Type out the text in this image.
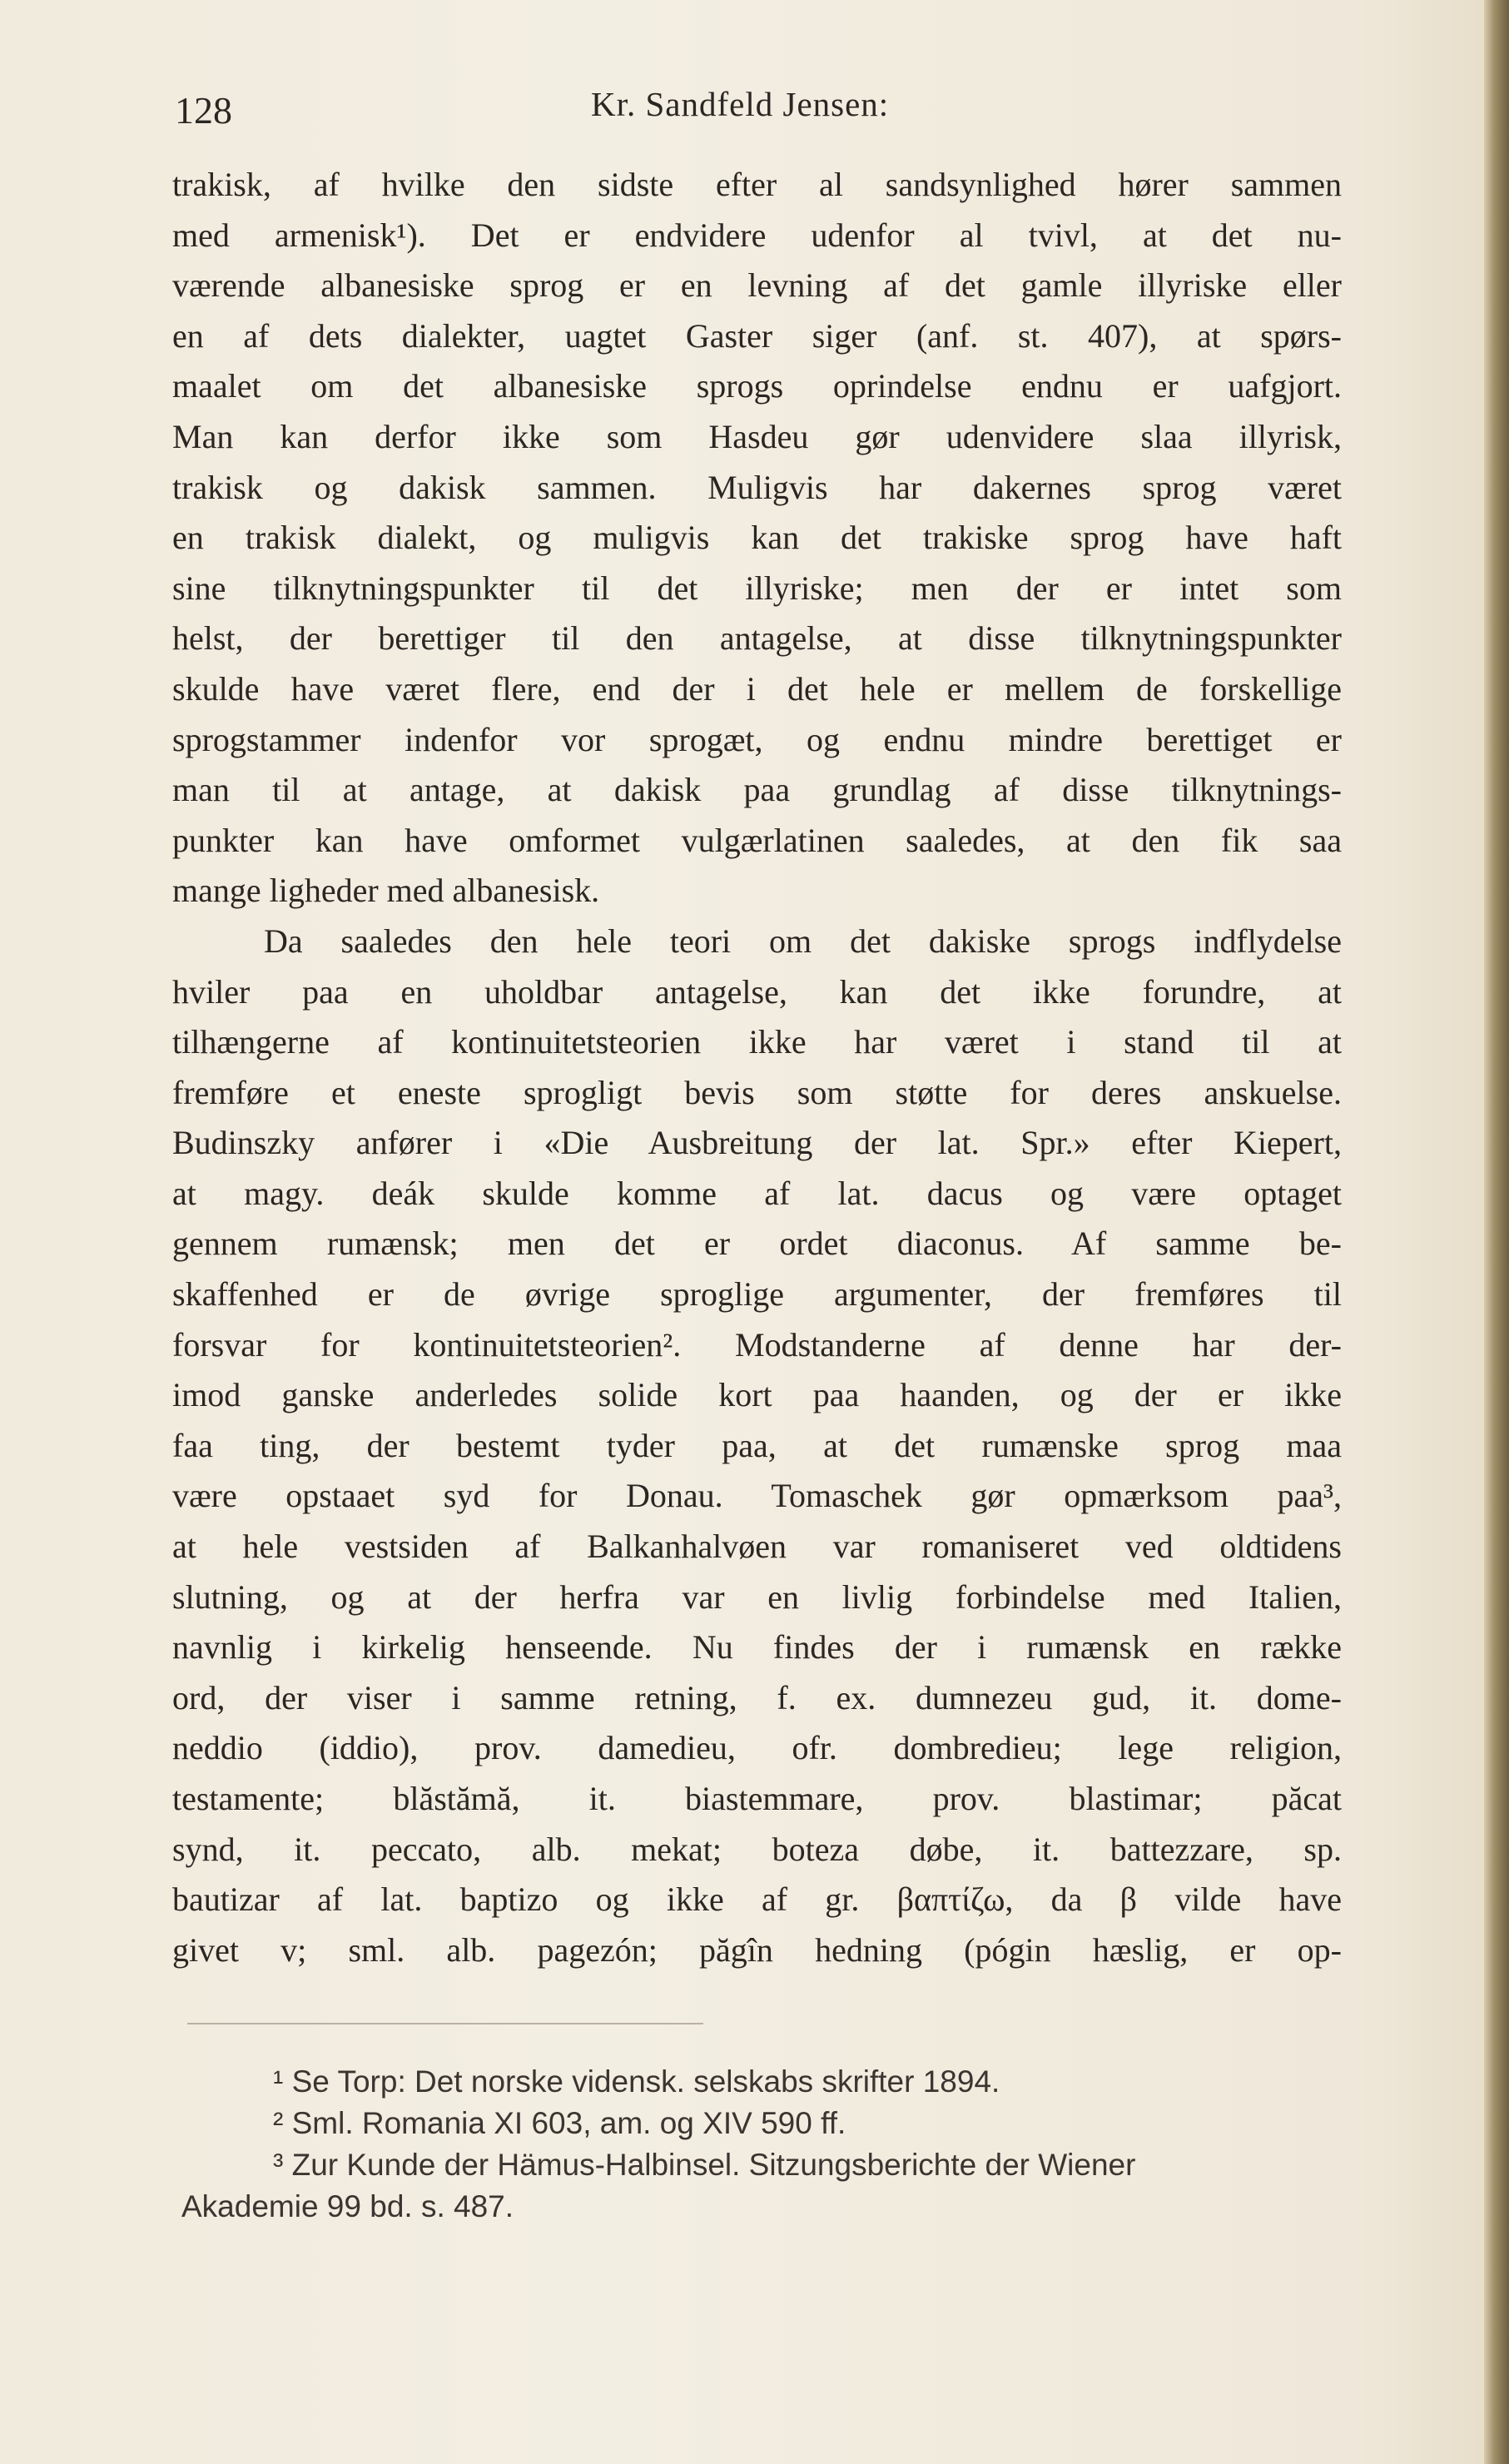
128	Kr. Sandfeld Jensen:
trakisk, af hvilke den sidste efter al sandsynlighed hører sammen
med armenisk¹). Det er endvidere udenfor al tvivl, at det nu-
værende albanesiske sprog er en levning af det gamle illyriske eller
en af dets dialekter, uagtet Gaster siger (anf. st. 407), at spørs-
maalet om det albanesiske sprogs oprindelse endnu er uafgjort.
Man kan derfor ikke som Hasdeu gør udenvidere slaa illyrisk,
trakisk og dakisk sammen. Muligvis har dakernes sprog været
en trakisk dialekt, og muligvis kan det trakiske sprog have haft
sine tilknytningspunkter til det illyriske; men der er intet som
helst, der berettiger til den antagelse, at disse tilknytningspunkter
skulde have været flere, end der i det hele er mellem de forskellige
sprogstammer indenfor vor sprogæt, og endnu mindre berettiget er
man til at antage, at dakisk paa grundlag af disse tilknytnings-
punkter kan have omformet vulgærlatinen saaledes, at den fik saa
mange ligheder med albanesisk.
Da saaledes den hele teori om det dakiske sprogs indflydelse
hviler paa en uholdbar antagelse, kan det ikke forundre, at
tilhængerne af kontinuitetsteorien ikke har været i stand til at
fremføre et eneste sprogligt bevis som støtte for deres anskuelse.
Budinszky anfører i «Die Ausbreitung der lat. Spr.» efter Kiepert,
at magy. deák skulde komme af lat. dacus og være optaget
gennem rumænsk; men det er ordet diaconus. Af samme be-
skaffenhed er de øvrige sproglige argumenter, der fremføres til
forsvar for kontinuitetsteorien². Modstanderne af denne har der-
imod ganske anderledes solide kort paa haanden, og der er ikke
faa ting, der bestemt tyder paa, at det rumænske sprog maa
være opstaaet syd for Donau. Tomaschek gør opmærksom paa³,
at hele vestsiden af Balkanhalvøen var romaniseret ved oldtidens
slutning, og at der herfra var en livlig forbindelse med Italien,
navnlig i kirkelig henseende. Nu findes der i rumænsk en række
ord, der viser i samme retning, f. ex. dumnezeu gud, it. dome-
neddio (iddio), prov. damedieu, ofr. dombredieu; lege religion,
testamente; blăstămă, it. biastemmare, prov. blastimar; păcat
synd, it. peccato, alb. mekat; boteza døbe, it. battezzare, sp.
bautizar af lat. baptizo og ikke af gr. βαπτίζω, da β vilde have
givet v; sml. alb. pagezón; păgîn hedning (pógin hæslig, er op-
¹ Se Torp: Det norske vidensk. selskabs skrifter 1894.
² Sml. Romania XI 603, am. og XIV 590 ff.
³ Zur Kunde der Hämus-Halbinsel. Sitzungsberichte der Wiener
Akademie 99 bd. s. 487.
